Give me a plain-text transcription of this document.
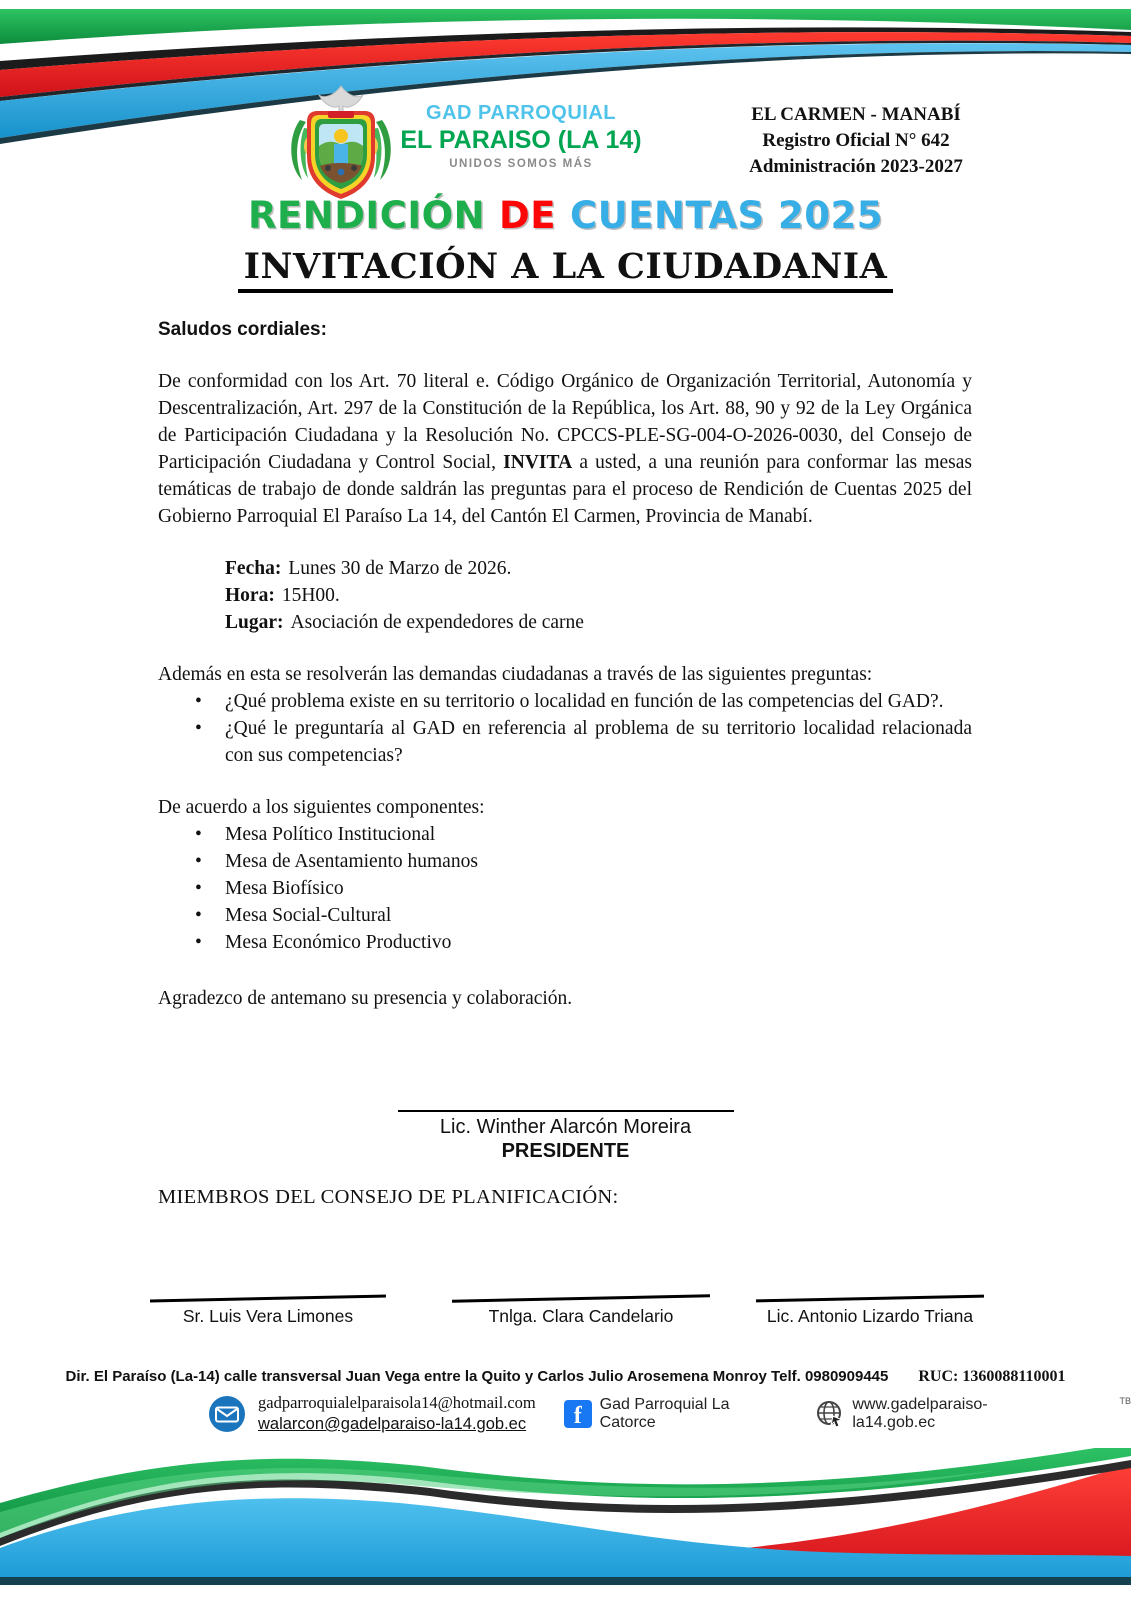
GAD PARROQUIAL
EL PARAISO (LA 14)
UNIDOS SOMOS MÁS
EL CARMEN - MANABÍ
Registro Oficial N° 642
Administración 2023-2027
RENDICIÓN DE CUENTAS 2025
INVITACIÓN A LA CIUDADANIA
Saludos cordiales:

De conformidad con los Art. 70 literal e. Código Orgánico de Organización Territorial, Autonomía y Descentralización, Art. 297 de la Constitución de la República, los Art. 88, 90 y 92 de la Ley Orgánica de Participación Ciudadana y la Resolución No. CPCCS-PLE-SG-004-O-2026-0030, del Consejo de Participación Ciudadana y Control Social, INVITA a usted, a una reunión para conformar las mesas temáticas de trabajo de donde saldrán las preguntas para el proceso de Rendición de Cuentas 2025 del Gobierno Parroquial El Paraíso La 14, del Cantón El Carmen, Provincia de Manabí.

Fecha: Lunes 30 de Marzo de 2026.
Hora: 15H00.
Lugar: Asociación de expendedores de carne
Además en esta se resolverán las demandas ciudadanas a través de las siguientes preguntas:
•	¿Qué problema existe en su territorio o localidad en función de las competencias del GAD?.
•	¿Qué le preguntaría al GAD en referencia al problema de su territorio localidad relacionada con sus competencias?
De acuerdo a los siguientes componentes:
•	Mesa Político Institucional
•	Mesa de Asentamiento humanos
•	Mesa Biofísico
•	Mesa Social-Cultural
•	Mesa Económico Productivo
Agradezco de antemano su presencia y colaboración.
Lic. Winther Alarcón Moreira
PRESIDENTE
MIEMBROS DEL CONSEJO DE PLANIFICACIÓN:
Sr. Luis Vera Limones	Tnlga. Clara Candelario	Lic. Antonio Lizardo Triana
Dir. El Paraíso (La-14) calle transversal Juan Vega entre la Quito y Carlos Julio Arosemena Monroy Telf. 0980909445 RUC: 1360088110001
gadparroquialelparaisola14@hotmail.com
walarcon@gadelparaiso-la14.gob.ec	f Gad Parroquial La Catorce
www.gadelparaiso-la14.gob.ec
TB
